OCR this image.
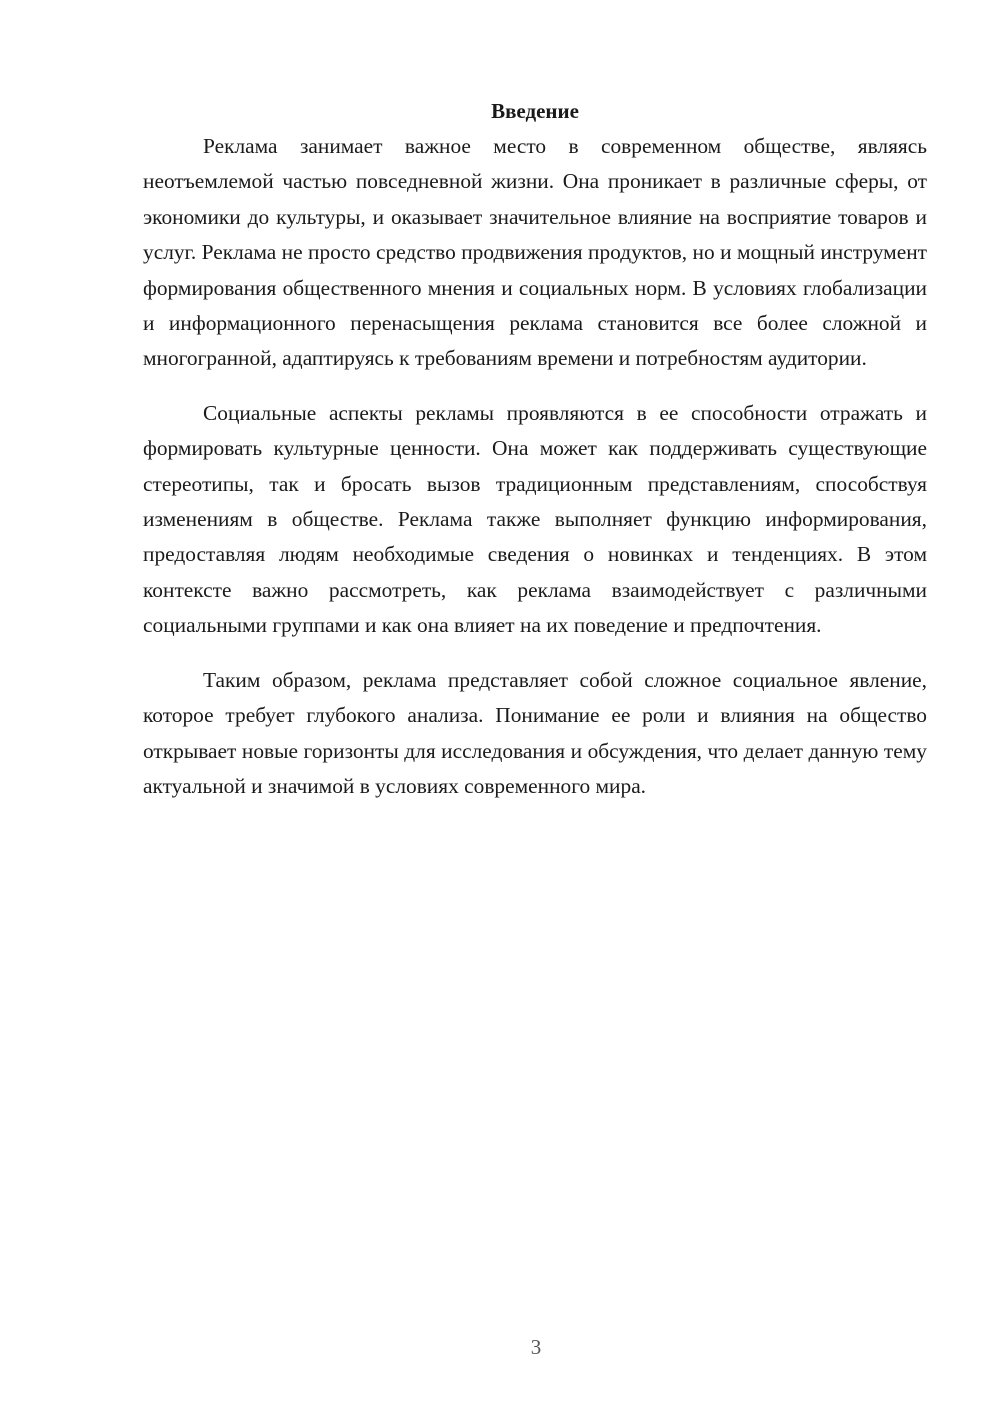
Введение

Реклама занимает важное место в современном обществе, являясь неотъемлемой частью повседневной жизни. Она проникает в различные сферы, от экономики до культуры, и оказывает значительное влияние на восприятие товаров и услуг. Реклама не просто средство продвижения продуктов, но и мощный инструмент формирования общественного мнения и социальных норм. В условиях глобализации и информационного перенасыщения реклама становится все более сложной и многогранной, адаптируясь к требованиям времени и потребностям аудитории.

Социальные аспекты рекламы проявляются в ее способности отражать и формировать культурные ценности. Она может как поддерживать существующие стереотипы, так и бросать вызов традиционным представлениям, способствуя изменениям в обществе. Реклама также выполняет функцию информирования, предоставляя людям необходимые сведения о новинках и тенденциях. В этом контексте важно рассмотреть, как реклама взаимодействует с различными социальными группами и как она влияет на их поведение и предпочтения.

Таким образом, реклама представляет собой сложное социальное явление, которое требует глубокого анализа. Понимание ее роли и влияния на общество открывает новые горизонты для исследования и обсуждения, что делает данную тему актуальной и значимой в условиях современного мира.

3
